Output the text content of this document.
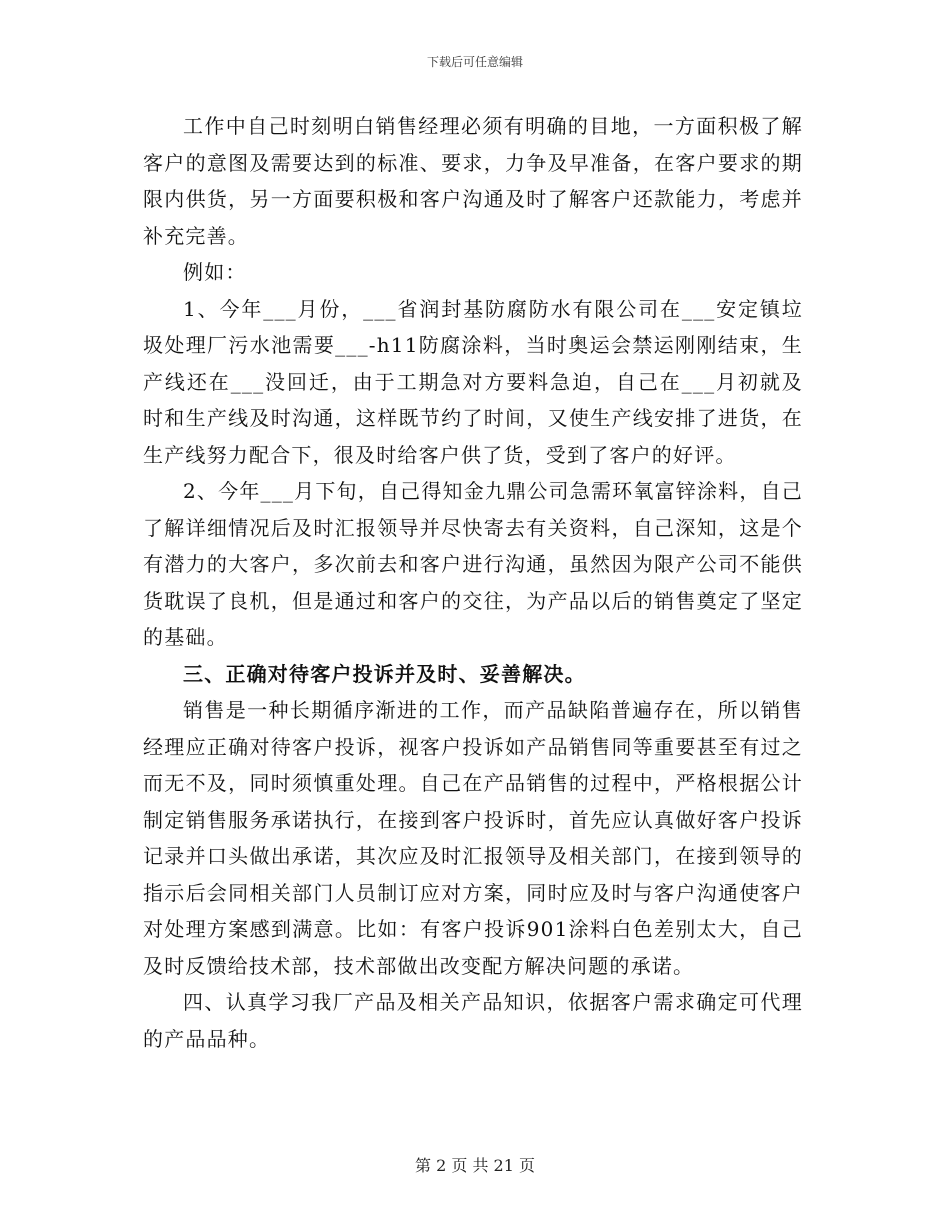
下载后可任意编辑

工作中自己时刻明白销售经理必须有明确的目地，一方面积极了解客户的意图及需要达到的标准、要求，力争及早准备，在客户要求的期限内供货，另一方面要积极和客户沟通及时了解客户还款能力，考虑并补充完善。

例如：

1、今年___月份，___省润封基防腐防水有限公司在___安定镇垃圾处理厂污水池需要___-h11防腐涂料，当时奥运会禁运刚刚结束，生产线还在___没回迁，由于工期急对方要料急迫，自己在___月初就及时和生产线及时沟通，这样既节约了时间，又使生产线安排了进货，在生产线努力配合下，很及时给客户供了货，受到了客户的好评。

2、今年___月下旬，自己得知金九鼎公司急需环氧富锌涂料，自己了解详细情况后及时汇报领导并尽快寄去有关资料，自己深知，这是个有潜力的大客户，多次前去和客户进行沟通，虽然因为限产公司不能供货耽误了良机，但是通过和客户的交往，为产品以后的销售奠定了坚定的基础。

三、正确对待客户投诉并及时、妥善解决。

销售是一种长期循序渐进的工作，而产品缺陷普遍存在，所以销售经理应正确对待客户投诉，视客户投诉如产品销售同等重要甚至有过之而无不及，同时须慎重处理。自己在产品销售的过程中，严格根据公计制定销售服务承诺执行，在接到客户投诉时，首先应认真做好客户投诉记录并口头做出承诺，其次应及时汇报领导及相关部门，在接到领导的指示后会同相关部门人员制订应对方案，同时应及时与客户沟通使客户对处理方案感到满意。比如：有客户投诉901涂料白色差别太大，自己及时反馈给技术部，技术部做出改变配方解决问题的承诺。

四、认真学习我厂产品及相关产品知识，依据客户需求确定可代理的产品品种。

第 2 页 共 21 页
